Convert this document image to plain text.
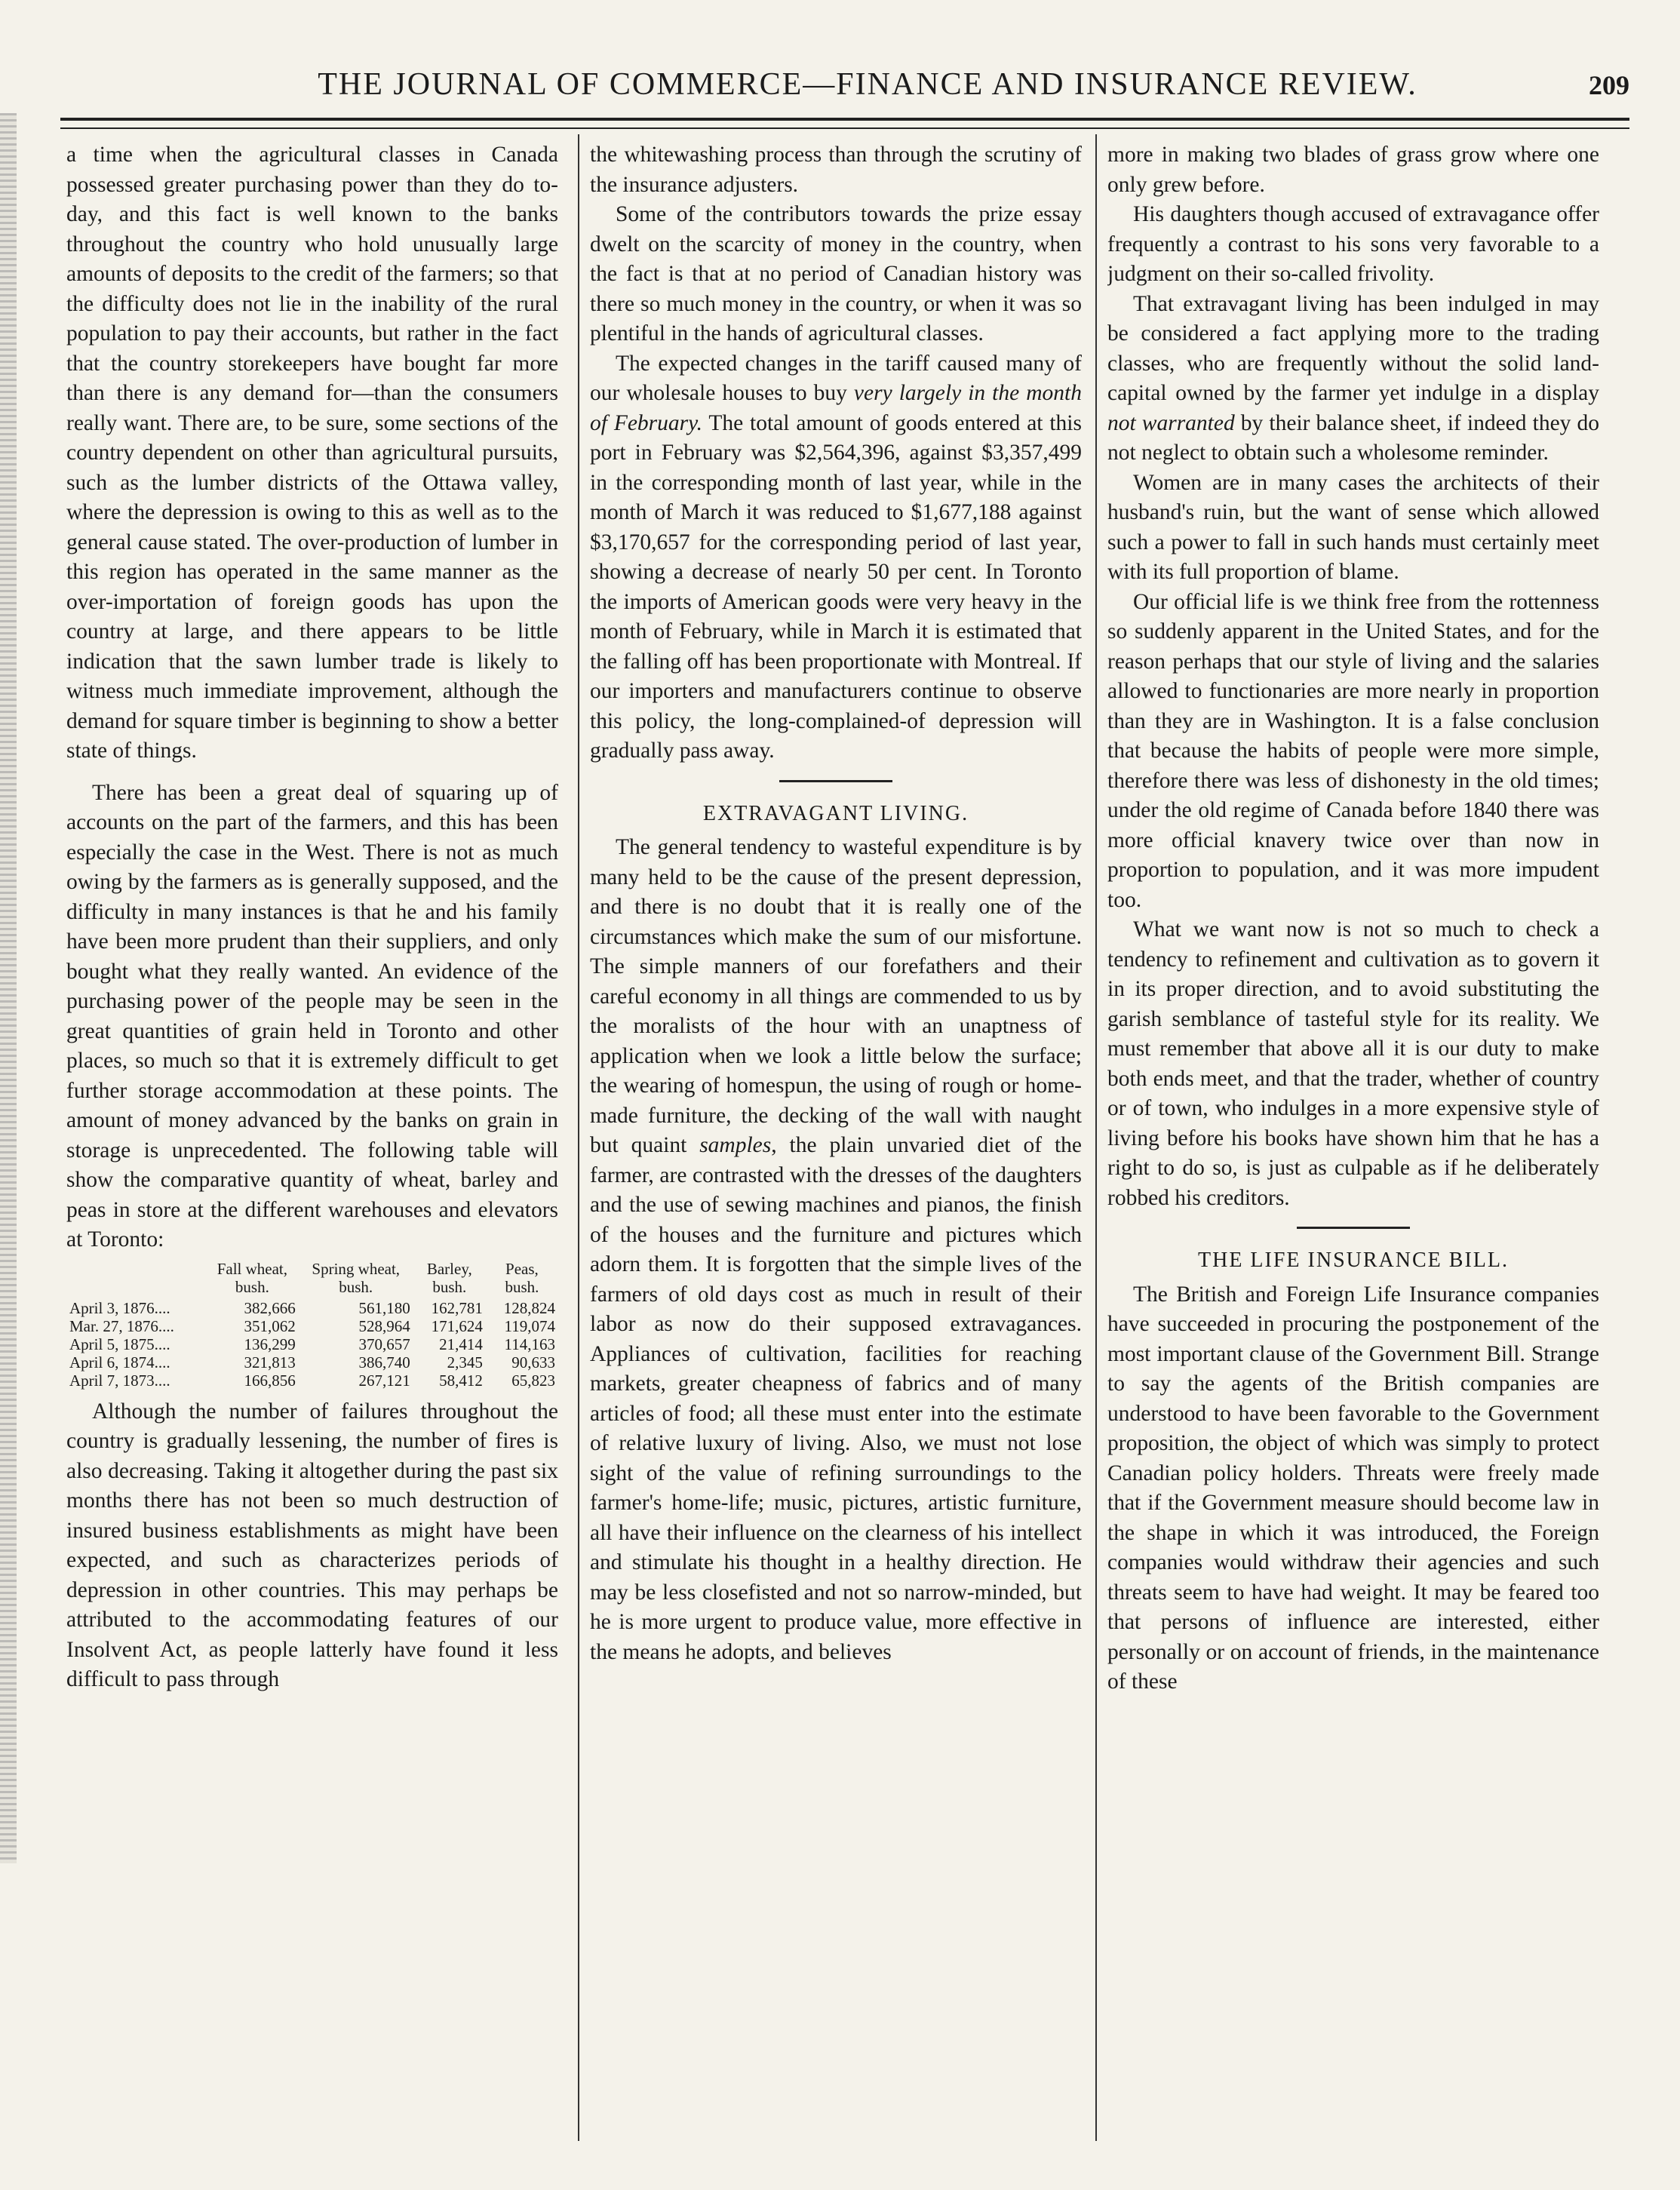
THE JOURNAL OF COMMERCE—FINANCE AND INSURANCE REVIEW.	209

a time when the agricultural classes in Canada possessed greater purchasing power than they do to-day, and this fact is well known to the banks throughout the country who hold unusually large amounts of deposits to the credit of the farmers; so that the difficulty does not lie in the inability of the rural population to pay their accounts, but rather in the fact that the country storekeepers have bought far more than there is any demand for—than the consumers really want. There are, to be sure, some sections of the country dependent on other than agricultural pursuits, such as the lumber districts of the Ottawa valley, where the depression is owing to this as well as to the general cause stated. The over-production of lumber in this region has operated in the same manner as the over-importation of foreign goods has upon the country at large, and there appears to be little indication that the sawn lumber trade is likely to witness much immediate improvement, although the demand for square timber is beginning to show a better state of things.

There has been a great deal of squaring up of accounts on the part of the farmers, and this has been especially the case in the West. There is not as much owing by the farmers as is generally supposed, and the difficulty in many instances is that he and his family have been more prudent than their suppliers, and only bought what they really wanted. An evidence of the purchasing power of the people may be seen in the great quantities of grain held in Toronto and other places, so much so that it is extremely difficult to get further storage accommodation at these points. The amount of money advanced by the banks on grain in storage is unprecedented. The following table will show the comparative quantity of wheat, barley and peas in store at the different warehouses and elevators at Toronto:

	Fall wheat,	Spring wheat,	Barley,	Peas,
	bush.	bush.	bush.	bush.
April 3, 1876....	382,666	561,180	162,781	128,824
Mar. 27, 1876....	351,062	528,964	171,624	119,074
April 5, 1875....	136,299	370,657	21,414	114,163
April 6, 1874....	321,813	386,740	2,345	90,633
April 7, 1873....	166,856	267,121	58,412	65,823

Although the number of failures throughout the country is gradually lessening, the number of fires is also decreasing. Taking it altogether during the past six months there has not been so much destruction of insured business establishments as might have been expected, and such as characterizes periods of depression in other countries. This may perhaps be attributed to the accommodating features of our Insolvent Act, as people latterly have found it less difficult to pass through

the whitewashing process than through the scrutiny of the insurance adjusters.

Some of the contributors towards the prize essay dwelt on the scarcity of money in the country, when the fact is that at no period of Canadian history was there so much money in the country, or when it was so plentiful in the hands of agricultural classes.

The expected changes in the tariff caused many of our wholesale houses to buy very largely in the month of February. The total amount of goods entered at this port in February was $2,564,396, against $3,357,499 in the corresponding month of last year, while in the month of March it was reduced to $1,677,188 against $3,170,657 for the corresponding period of last year, showing a decrease of nearly 50 per cent. In Toronto the imports of American goods were very heavy in the month of February, while in March it is estimated that the falling off has been proportionate with Montreal. If our importers and manufacturers continue to observe this policy, the long-complained-of depression will gradually pass away.

EXTRAVAGANT LIVING.

The general tendency to wasteful expenditure is by many held to be the cause of the present depression, and there is no doubt that it is really one of the circumstances which make the sum of our misfortune. The simple manners of our forefathers and their careful economy in all things are commended to us by the moralists of the hour with an unaptness of application when we look a little below the surface; the wearing of homespun, the using of rough or home-made furniture, the decking of the wall with naught but quaint samples, the plain unvaried diet of the farmer, are contrasted with the dresses of the daughters and the use of sewing machines and pianos, the finish of the houses and the furniture and pictures which adorn them. It is forgotten that the simple lives of the farmers of old days cost as much in result of their labor as now do their supposed extravagances. Appliances of cultivation, facilities for reaching markets, greater cheapness of fabrics and of many articles of food; all these must enter into the estimate of relative luxury of living. Also, we must not lose sight of the value of refining surroundings to the farmer's home-life; music, pictures, artistic furniture, all have their influence on the clearness of his intellect and stimulate his thought in a healthy direction. He may be less closefisted and not so narrow-minded, but he is more urgent to produce value, more effective in the means he adopts, and believes

more in making two blades of grass grow where one only grew before.

His daughters though accused of extravagance offer frequently a contrast to his sons very favorable to a judgment on their so-called frivolity.

That extravagant living has been indulged in may be considered a fact applying more to the trading classes, who are frequently without the solid land-capital owned by the farmer yet indulge in a display not warranted by their balance sheet, if indeed they do not neglect to obtain such a wholesome reminder.

Women are in many cases the architects of their husband's ruin, but the want of sense which allowed such a power to fall in such hands must certainly meet with its full proportion of blame.

Our official life is we think free from the rottenness so suddenly apparent in the United States, and for the reason perhaps that our style of living and the salaries allowed to functionaries are more nearly in proportion than they are in Washington. It is a false conclusion that because the habits of people were more simple, therefore there was less of dishonesty in the old times; under the old regime of Canada before 1840 there was more official knavery twice over than now in proportion to population, and it was more impudent too.

What we want now is not so much to check a tendency to refinement and cultivation as to govern it in its proper direction, and to avoid substituting the garish semblance of tasteful style for its reality. We must remember that above all it is our duty to make both ends meet, and that the trader, whether of country or of town, who indulges in a more expensive style of living before his books have shown him that he has a right to do so, is just as culpable as if he deliberately robbed his creditors.

THE LIFE INSURANCE BILL.

The British and Foreign Life Insurance companies have succeeded in procuring the postponement of the most important clause of the Government Bill. Strange to say the agents of the British companies are understood to have been favorable to the Government proposition, the object of which was simply to protect Canadian policy holders. Threats were freely made that if the Government measure should become law in the shape in which it was introduced, the Foreign companies would withdraw their agencies and such threats seem to have had weight. It may be feared too that persons of influence are interested, either personally or on account of friends, in the maintenance of these
